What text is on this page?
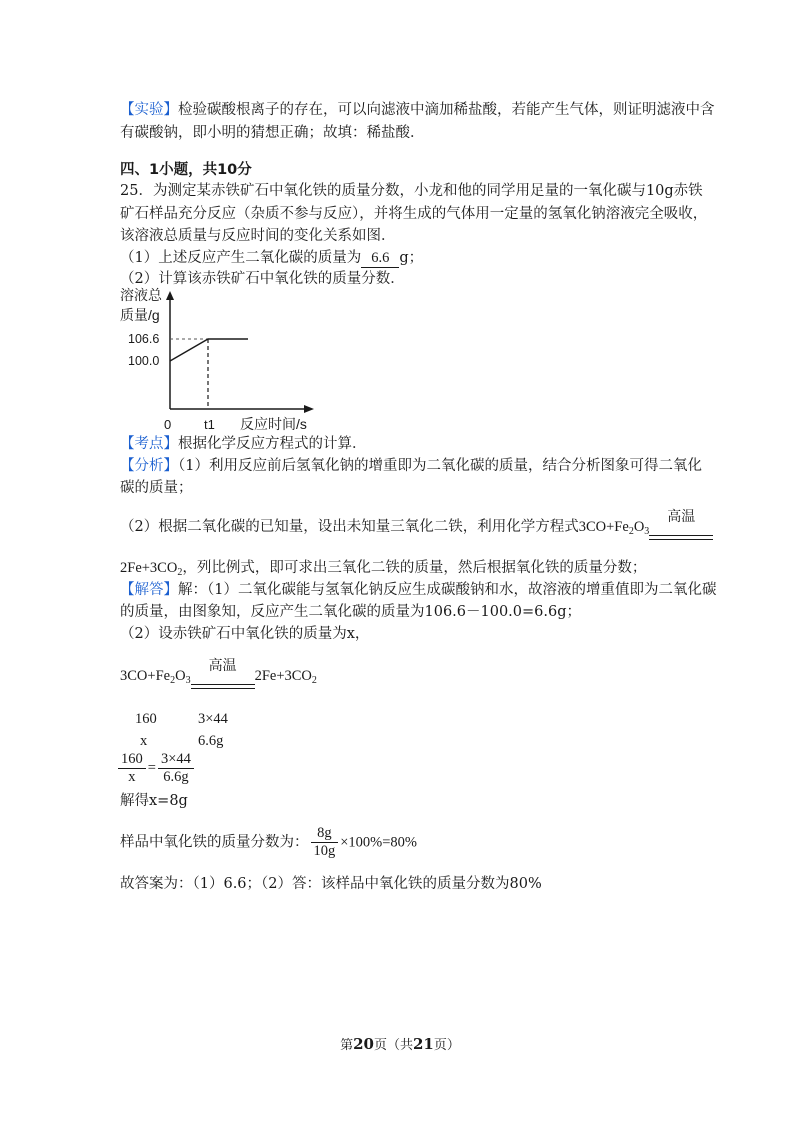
【实验】检验碳酸根离子的存在，可以向滤液中滴加稀盐酸，若能产生气体，则证明滤液中含
有碳酸钠，即小明的猜想正确；故填：稀盐酸．
四、1小题，共10分
25．为测定某赤铁矿石中氧化铁的质量分数，小龙和他的同学用足量的一氧化碳与10g赤铁
矿石样品充分反应（杂质不参与反应），并将生成的气体用一定量的氢氧化钠溶液完全吸收，
该溶液总质量与反应时间的变化关系如图．
（1）上述反应产生二氧化碳的质量为 6.6 g；
（2）计算该赤铁矿石中氧化铁的质量分数．
溶液总
质量/g
106.6
100.0
0	t1 反应时间/s
【考点】根据化学反应方程式的计算．
【分析】（1）利用反应前后氢氧化钠的增重即为二氧化碳的质量，结合分析图象可得二氧化
碳的质量；
（2）根据二氧化碳的已知量，设出未知量三氧化二铁，利用化学方程式$3CO+Fe_2O_3$
高温
$2Fe+3CO_2$，列比例式，即可求出三氧化二铁的质量，然后根据氧化铁的质量分数；
【解答】解：（1）二氧化碳能与氢氧化钠反应生成碳酸钠和水，故溶液的增重值即为二氧化碳
的质量，由图象知，反应产生二氧化碳的质量为106.6－100.0=6.6g；
（2）设赤铁矿石中氧化铁的质量为x，
$3CO+Fe_2O_3$
高温
$2Fe+3CO_2$
160	3×44
x	6.6g
$\frac{160}{x} = \frac{3\times 44}{6.6g}$
解得x=8g
样品中氧化铁的质量分数为： $\frac{8g}{10g} \times 100\%=80\%$
故答案为：（1）6.6；（2）答：该样品中氧化铁的质量分数为80%
第20页（共21页）
